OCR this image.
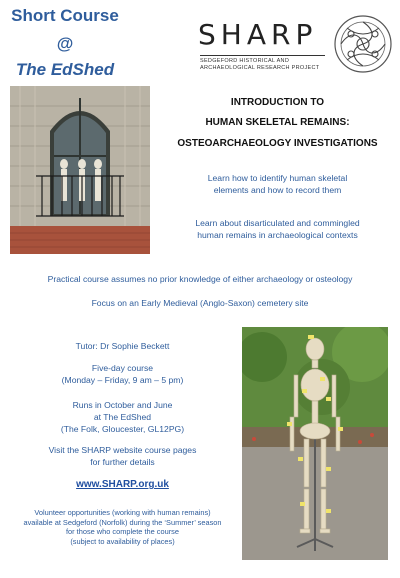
Short Course
@
The EdShed
SHARP
SEDGEFORD HISTORICAL AND
ARCHAEOLOGICAL RESEARCH PROJECT
INTRODUCTION TO
HUMAN SKELETAL REMAINS:
OSTEOARCHAEOLOGY INVESTIGATIONS
Learn how to identify human skeletal
elements and how to record them
Learn about disarticulated and commingled
human remains in archaeological contexts
Practical course assumes no prior knowledge of either archaeology or osteology
Focus on an Early Medieval (Anglo-Saxon) cemetery site
Tutor: Dr Sophie Beckett
Five-day course
(Monday – Friday, 9 am – 5 pm)
Runs in October and June
at The EdShed
(The Folk, Gloucester, GL12PG)
Visit the SHARP website course pages
for further details
www.SHARP.org.uk
Volunteer opportunities (working with human remains)
available at Sedgeford (Norfolk) during the ‘Summer’ season
for those who complete the course
(subject to availability of places)
